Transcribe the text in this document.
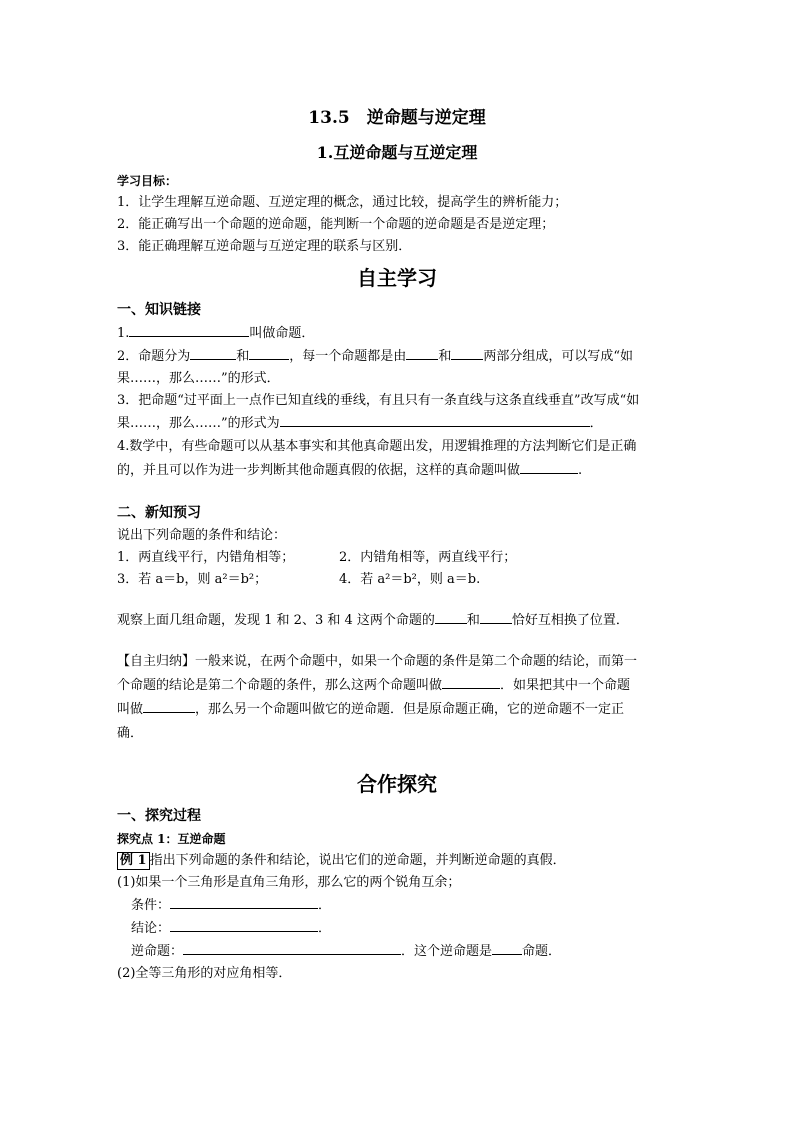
13.5　逆命题与逆定理
1.互逆命题与互逆定理
学习目标：
1．让学生理解互逆命题、互逆定理的概念，通过比较，提高学生的辨析能力；
2．能正确写出一个命题的逆命题，能判断一个命题的逆命题是否是逆定理；
3．能正确理解互逆命题与互逆定理的联系与区别．
自主学习
一、知识链接
1.	叫做命题．
2．命题分为	和	，每一个命题都是由 和 两部分组成，可以写成“如
果……，那么……”的形式．
3．把命题“过平面上一点作已知直线的垂线，有且只有一条直线与这条直线垂直”改写成“如
果……，那么……”的形式为	．
4.数学中，有些命题可以从基本事实和其他真命题出发，用逻辑推理的方法判断它们是正确
的，并且可以作为进一步判断其他命题真假的依据，这样的真命题叫做	.
二、新知预习
说出下列命题的条件和结论：
1．两直线平行，内错角相等；	2．内错角相等，两直线平行；
3．若 a＝b，则 a²＝b²；	4．若 a²＝b²，则 a＝b.
观察上面几组命题，发现 1 和 2、3 和 4 这两个命题的 和 恰好互相换了位置．
【自主归纳】一般来说，在两个命题中，如果一个命题的条件是第二个命题的结论，而第一
个命题的结论是第二个命题的条件，那么这两个命题叫做	．如果把其中一个命题
叫做	，那么另一个命题叫做它的逆命题．但是原命题正确，它的逆命题不一定正
确．
合作探究
一、探究过程
探究点 1：互逆命题
例 1 指出下列命题的条件和结论，说出它们的逆命题，并判断逆命题的真假．
(1)如果一个三角形是直角三角形，那么它的两个锐角互余；
条件：	．
结论：	．
逆命题：	．这个逆命题是 命题．
(2)全等三角形的对应角相等．
